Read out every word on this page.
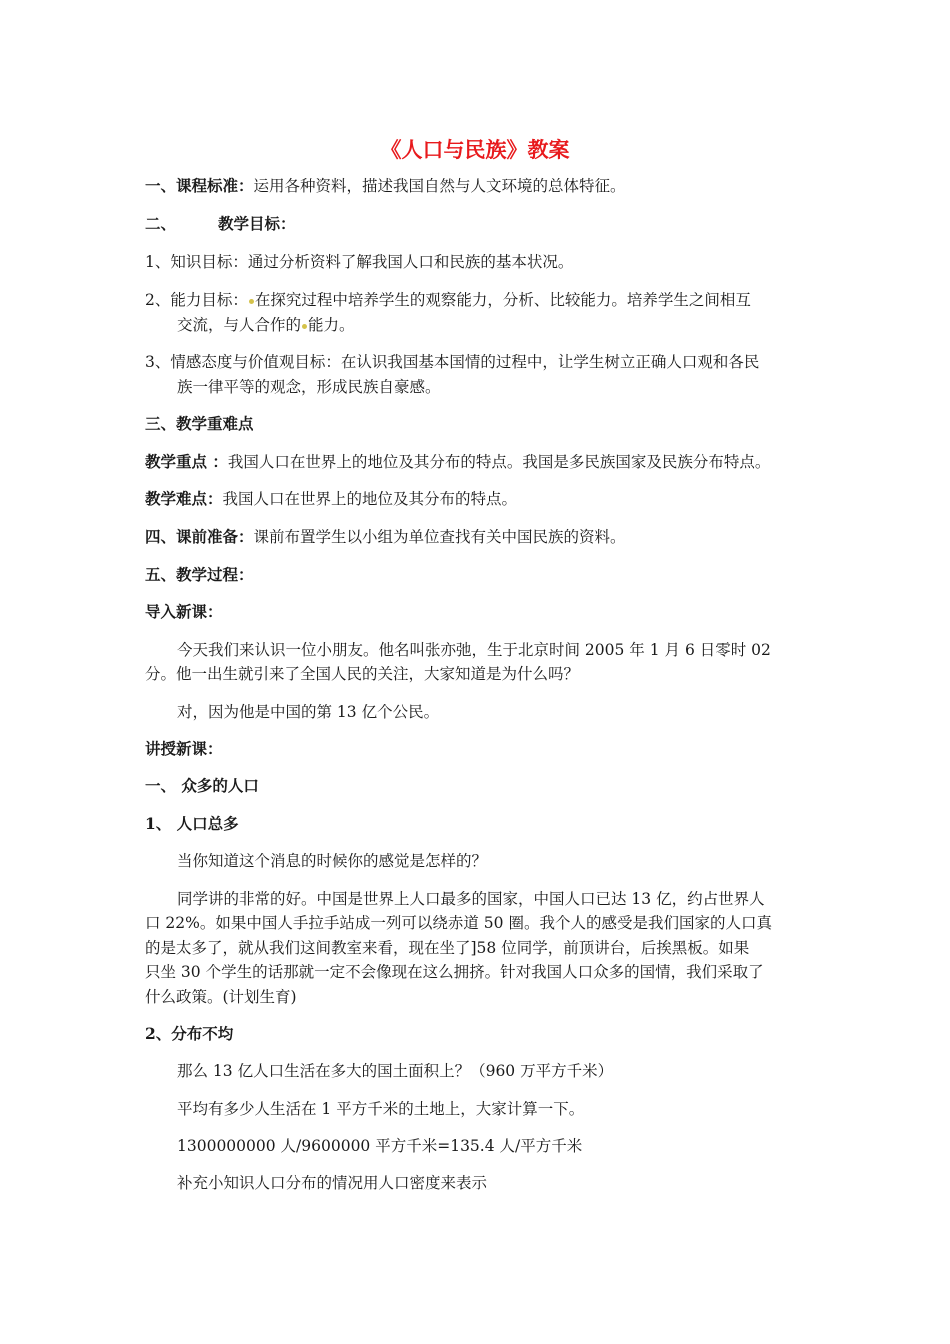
《人口与民族》教案
一、课程标准：运用各种资料，描述我国自然与人文环境的总体特征。
二、	教学目标：
1、知识目标：通过分析资料了解我国人口和民族的基本状况。
2、能力目标： 在探究过程中培养学生的观察能力，分析、比较能力。培养学生之间相互
交流，与人合作的 能力。
3、情感态度与价值观目标：在认识我国基本国情的过程中，让学生树立正确人口观和各民
族一律平等的观念，形成民族自豪感。
三、教学重难点
教学重点 ：我国人口在世界上的地位及其分布的特点。我国是多民族国家及民族分布特点。
教学难点：我国人口在世界上的地位及其分布的特点。
四、课前准备：课前布置学生以小组为单位查找有关中国民族的资料。
五、教学过程：
导入新课：
今天我们来认识一位小朋友。他名叫张亦弛，生于北京时间 2005 年 1 月 6 日零时 02
分。他一出生就引来了全国人民的关注，大家知道是为什么吗？
对，因为他是中国的第 13 亿个公民。
讲授新课：
一、 众多的人口
1、 人口总多
当你知道这个消息的时候你的感觉是怎样的？
同学讲的非常的好。中国是世界上人口最多的国家，中国人口已达 13 亿，约占世界人
口 22%。如果中国人手拉手站成一列可以绕赤道 50 圈。我个人的感受是我们国家的人口真
的是太多了，就从我们这间教室来看，现在坐了]58 位同学，前顶讲台，后挨黑板。如果
只坐 30 个学生的话那就一定不会像现在这么拥挤。针对我国人口众多的国情，我们采取了
什么政策。(计划生育)
2、分布不均
那么 13 亿人口生活在多大的国土面积上？（960 万平方千米）
平均有多少人生活在 1 平方千米的土地上，大家计算一下。
1300000000 人/9600000 平方千米=135.4 人/平方千米
补充小知识人口分布的情况用人口密度来表示
